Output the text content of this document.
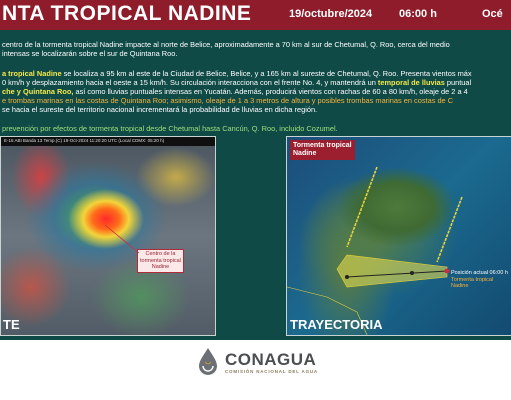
NTA TROPICAL NADINE	19/octubre/2024 06:00 h	Océ
centro de la tormenta tropical Nadine impacte al norte de Belice, aproximadamente a 70 km al sur de Chetumal, Q. Roo, cerca del medio
intensas se localizarán sobre el sur de Quintana Roo.
a tropical Nadine se localiza a 95 km al este de la Ciudad de Belice, Belice, y a 165 km al sureste de Chetumal, Q. Roo. Presenta vientos máx
0 km/h y desplazamiento hacia el oeste a 15 km/h. Su circulación interacciona con el frente No. 4, y mantendrá un temporal de lluvias puntual
che y Quintana Roo, así como lluvias puntuales intensas en Yucatán. Además, producirá vientos con rachas de 60 a 80 km/h, oleaje de 2 a 4
e trombas marinas en las costas de Quintana Roo; asimismo, oleaje de 1 a 3 metros de altura y posibles trombas marinas en costas de C
se hacia el sureste del territorio nacional incrementará la probabilidad de lluvias en dicha región.
prevención por efectos de tormenta tropical desde Chetumal hasta Cancún, Q. Roo, incluido Cozumel.
E-16 ABI Banda 13 Temp.(C) 19-Oct-2024 11:20:20 UTC (Local CDMX: 05:20 h)
Centro de la
tormenta tropical
Nadine
TE
Tormenta tropical
Nadine
Posición actual 06:00 h
Tormenta tropical
Nadine
TRAYECTORIA
CONAGUA
COMISIÓN NACIONAL DEL AGUA
